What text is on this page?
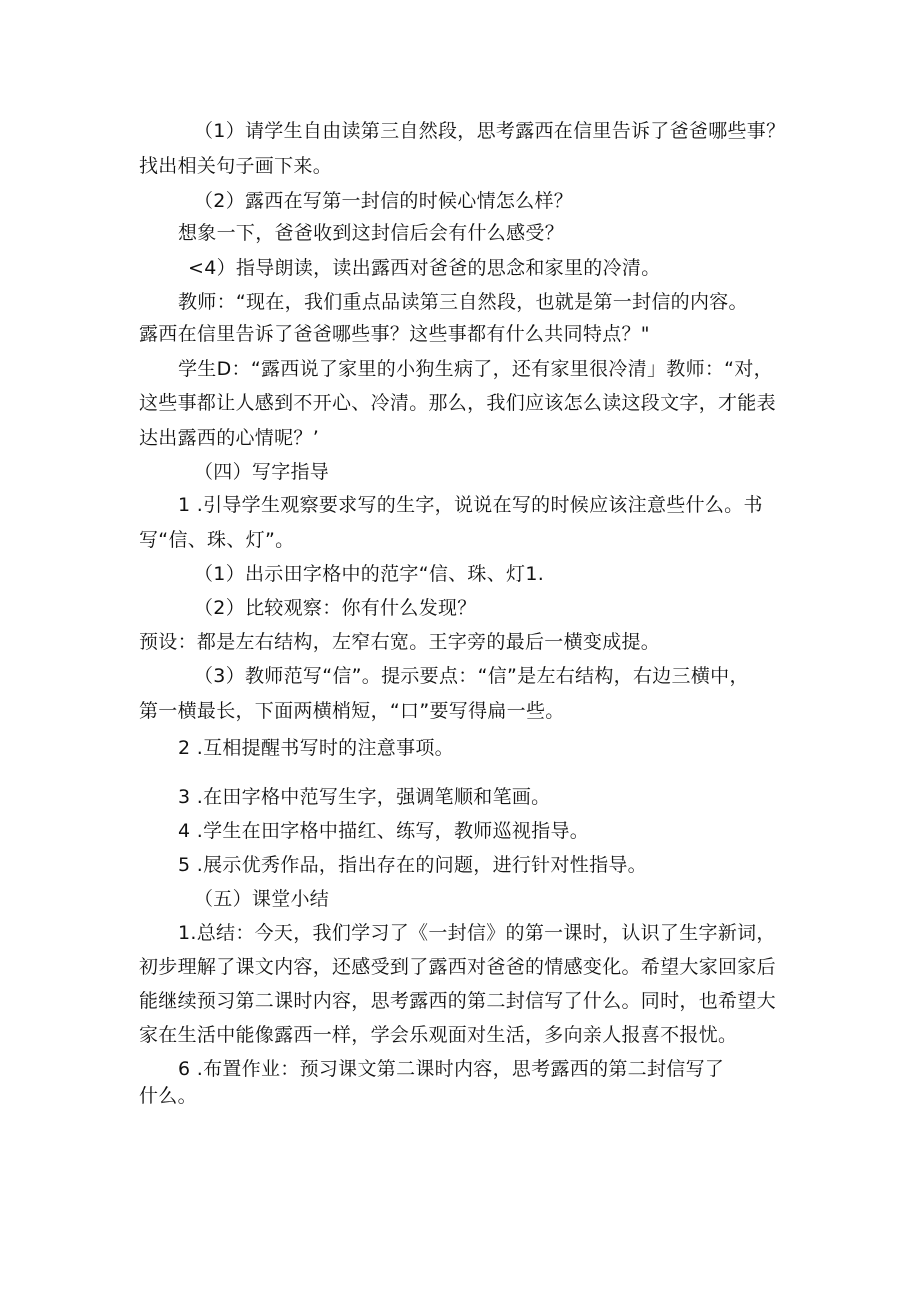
（1）请学生自由读第三自然段，思考露西在信里告诉了爸爸哪些事？
找出相关句子画下来。
（2）露西在写第一封信的时候心情怎么样？
想象一下，爸爸收到这封信后会有什么感受？
<4）指导朗读，读出露西对爸爸的思念和家里的冷清。
教师：“现在，我们重点品读第三自然段，也就是第一封信的内容。
露西在信里告诉了爸爸哪些事？这些事都有什么共同特点？"
学生D：“露西说了家里的小狗生病了，还有家里很冷清」教师：“对，
这些事都让人感到不开心、冷清。那么，我们应该怎么读这段文字，才能表
达出露西的心情呢？’
（四）写字指导
1 .引导学生观察要求写的生字，说说在写的时候应该注意些什么。书
写“信、珠、灯”。
（1）出示田字格中的范字“信、珠、灯1.
（2）比较观察：你有什么发现？
预设：都是左右结构，左窄右宽。王字旁的最后一横变成提。
（3）教师范写“信”。提示要点：“信”是左右结构，右边三横中，
第一横最长，下面两横梢短，“口”要写得扁一些。
2 .互相提醒书写时的注意事项。
3 .在田字格中范写生字，强调笔顺和笔画。
4 .学生在田字格中描红、练写，教师巡视指导。
5 .展示优秀作品，指出存在的问题，进行针对性指导。
（五）课堂小结
1.总结：今天，我们学习了《一封信》的第一课时，认识了生字新词，
初步理解了课文内容，还感受到了露西对爸爸的情感变化。希望大家回家后
能继续预习第二课时内容，思考露西的第二封信写了什么。同时，也希望大
家在生活中能像露西一样，学会乐观面对生活，多向亲人报喜不报忧。
6 .布置作业：预习课文第二课时内容，思考露西的第二封信写了
什么。
